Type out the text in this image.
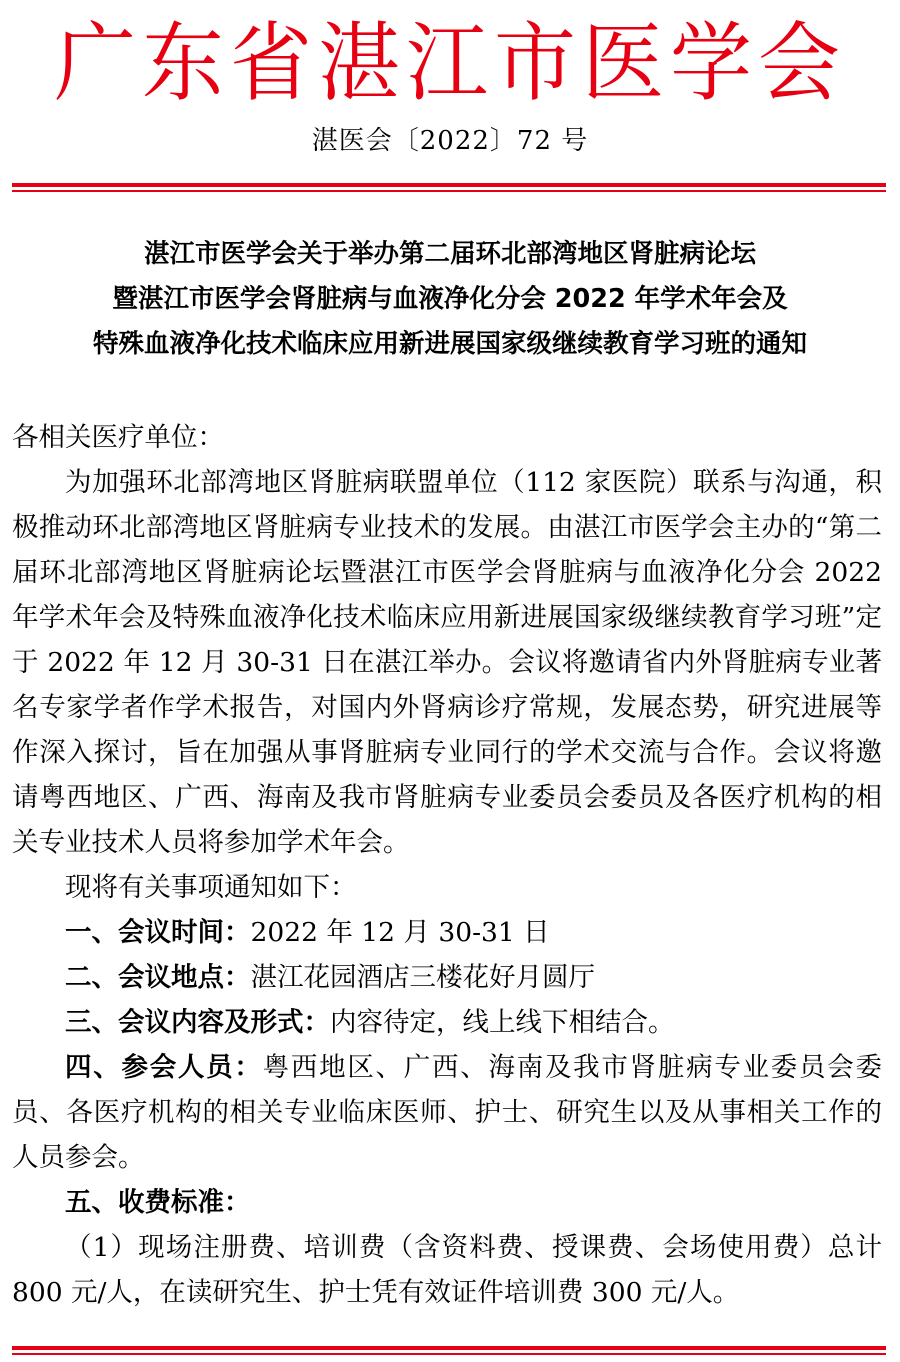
广东省湛江市医学会
湛医会〔2022〕72 号
湛江市医学会关于举办第二届环北部湾地区肾脏病论坛
暨湛江市医学会肾脏病与血液净化分会 2022 年学术年会及
特殊血液净化技术临床应用新进展国家级继续教育学习班的通知

各相关医疗单位：

为加强环北部湾地区肾脏病联盟单位（112 家医院）联系与沟通，积极推动环北部湾地区肾脏病专业技术的发展。由湛江市医学会主办的“第二届环北部湾地区肾脏病论坛暨湛江市医学会肾脏病与血液净化分会 2022 年学术年会及特殊血液净化技术临床应用新进展国家级继续教育学习班”定于 2022 年 12 月 30-31 日在湛江举办。会议将邀请省内外肾脏病专业著名专家学者作学术报告，对国内外肾病诊疗常规，发展态势，研究进展等作深入探讨，旨在加强从事肾脏病专业同行的学术交流与合作。会议将邀请粤西地区、广西、海南及我市肾脏病专业委员会委员及各医疗机构的相关专业技术人员将参加学术年会。

现将有关事项通知如下：

一、会议时间：2022 年 12 月 30-31 日

二、会议地点：湛江花园酒店三楼花好月圆厅

三、会议内容及形式：内容待定，线上线下相结合。

四、参会人员：粤西地区、广西、海南及我市肾脏病专业委员会委员、各医疗机构的相关专业临床医师、护士、研究生以及从事相关工作的人员参会。

五、收费标准：

（1）现场注册费、培训费（含资料费、授课费、会场使用费）总计 800 元/人，在读研究生、护士凭有效证件培训费 300 元/人。
